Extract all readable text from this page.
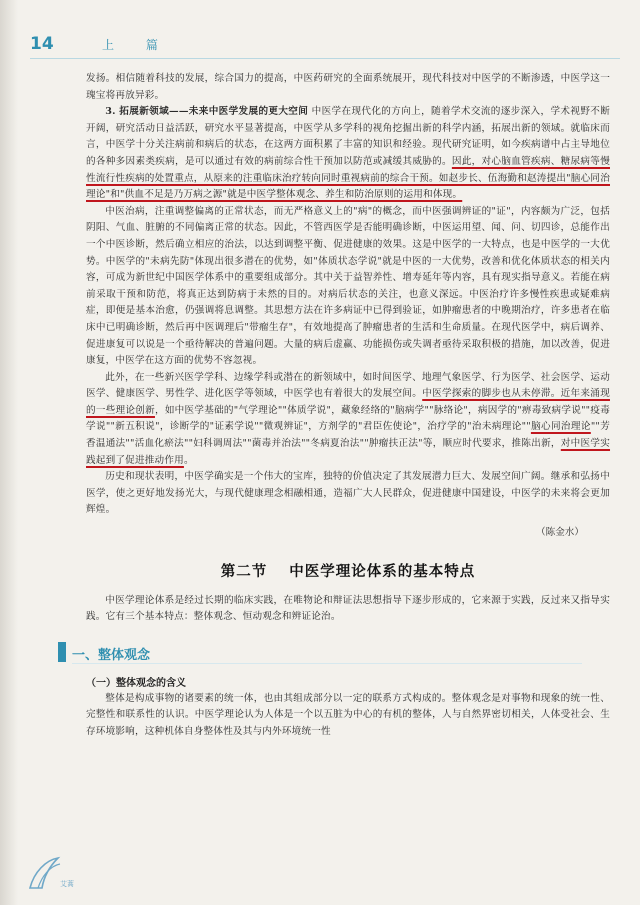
14	上 篇

发扬。相信随着科技的发展，综合国力的提高，中医药研究的全面系统展开，现代科技对中医学的不断渗透，中医学这一瑰宝将再放异彩。

3. 拓展新领域——未来中医学发展的更大空间 中医学在现代化的方向上，随着学术交流的逐步深入，学术视野不断开阔，研究活动日益活跃，研究水平显著提高，中医学从多学科的视角挖掘出新的科学内涵，拓展出新的领域。就临床而言，中医学十分关注病前和病后的状态，在这两方面积累了丰富的知识和经验。现代研究证明，如今疾病谱中占主导地位的各种多因素类疾病，是可以通过有效的病前综合性干预加以防范或减缓其威胁的。因此，对心脑血管疾病、糖尿病等慢性流行性疾病的处置重点，从原来的注重临床治疗转向同时重视病前的综合干预。如赵步长、伍海勤和赵涛提出"脑心同治理论"和"供血不足是乃万病之源"就是中医学整体观念、养生和防治原则的运用和体现。

中医治病，注重调整偏离的正常状态，而无严格意义上的"病"的概念，而中医强调辨证的"证"，内容颇为广泛，包括阴阳、气血、脏腑的不同偏离正常的状态。因此，不管西医学是否能明确诊断，中医运用望、闻、问、切四诊，总能作出一个中医诊断，然后确立相应的治法，以达到调整平衡、促进健康的效果。这是中医学的一大特点，也是中医学的一大优势。中医学的"未病先防"体现出很多潜在的优势，如"体质状态学说"就是中医的一大优势，改善和优化体质状态的相关内容，可成为新世纪中国医学体系中的重要组成部分。其中关于益智养性、增寿延年等内容，具有现实指导意义。若能在病前采取干预和防范，将真正达到防病于未然的目的。对病后状态的关注，也意义深远。中医治疗许多慢性疾患或疑难病症，即便是基本治愈，仍强调将息调整。其思想方法在许多病证中已得到验证，如肿瘤患者的中晚期治疗，许多患者在临床中已明确诊断，然后再中医调理后"带瘤生存"，有效地提高了肿瘤患者的生活和生命质量。在现代医学中，病后调养、促进康复可以说是一个亟待解决的普遍问题。大量的病后虚赢、功能损伤或失调者亟待采取积极的措施，加以改善，促进康复，中医学在这方面的优势不容忽视。

此外，在一些新兴医学学科、边缘学科或潜在的新领域中，如时间医学、地理气象医学、行为医学、社会医学、运动医学、健康医学、男性学、进化医学等领域，中医学也有着很大的发展空间。中医学探索的脚步也从未停滞。近年来涌现的一些理论创新，如中医学基础的"气学理论""体质学说"，藏象经络的"脑病学""脉络论"，病因学的"痹毒致病学说""疫毒学说""新五积说"，诊断学的"证素学说""微观辨证"，方剂学的"君臣佐使论"，治疗学的"治未病理论""脑心同治理论""芳香温通法""活血化瘀法""妇科调周法""菌毒并治法""冬病夏治法""肿瘤扶正法"等，顺应时代要求，推陈出新，对中医学实践起到了促进推动作用。

历史和现状表明，中医学确实是一个伟大的宝库，独特的价值决定了其发展潜力巨大、发展空间广阔。继承和弘扬中医学，使之更好地发扬光大，与现代健康理念相融相通，造福广大人民群众，促进健康中国建设，中医学的未来将会更加辉煌。

（陈金水）

第二节 中医学理论体系的基本特点

中医学理论体系是经过长期的临床实践，在唯物论和辩证法思想指导下逐步形成的，它来源于实践，反过来又指导实践。它有三个基本特点：整体观念、恒动观念和辨证论治。

一、整体观念
（一）整体观念的含义

整体是构成事物的诸要素的统一体，也由其组成部分以一定的联系方式构成的。整体观念是对事物和现象的统一性、完整性和联系性的认识。中医学理论认为人体是一个以五脏为中心的有机的整体，人与自然界密切相关，人体受社会、生存环境影响，这种机体自身整体性及其与内外环境统一性

艾蒿
